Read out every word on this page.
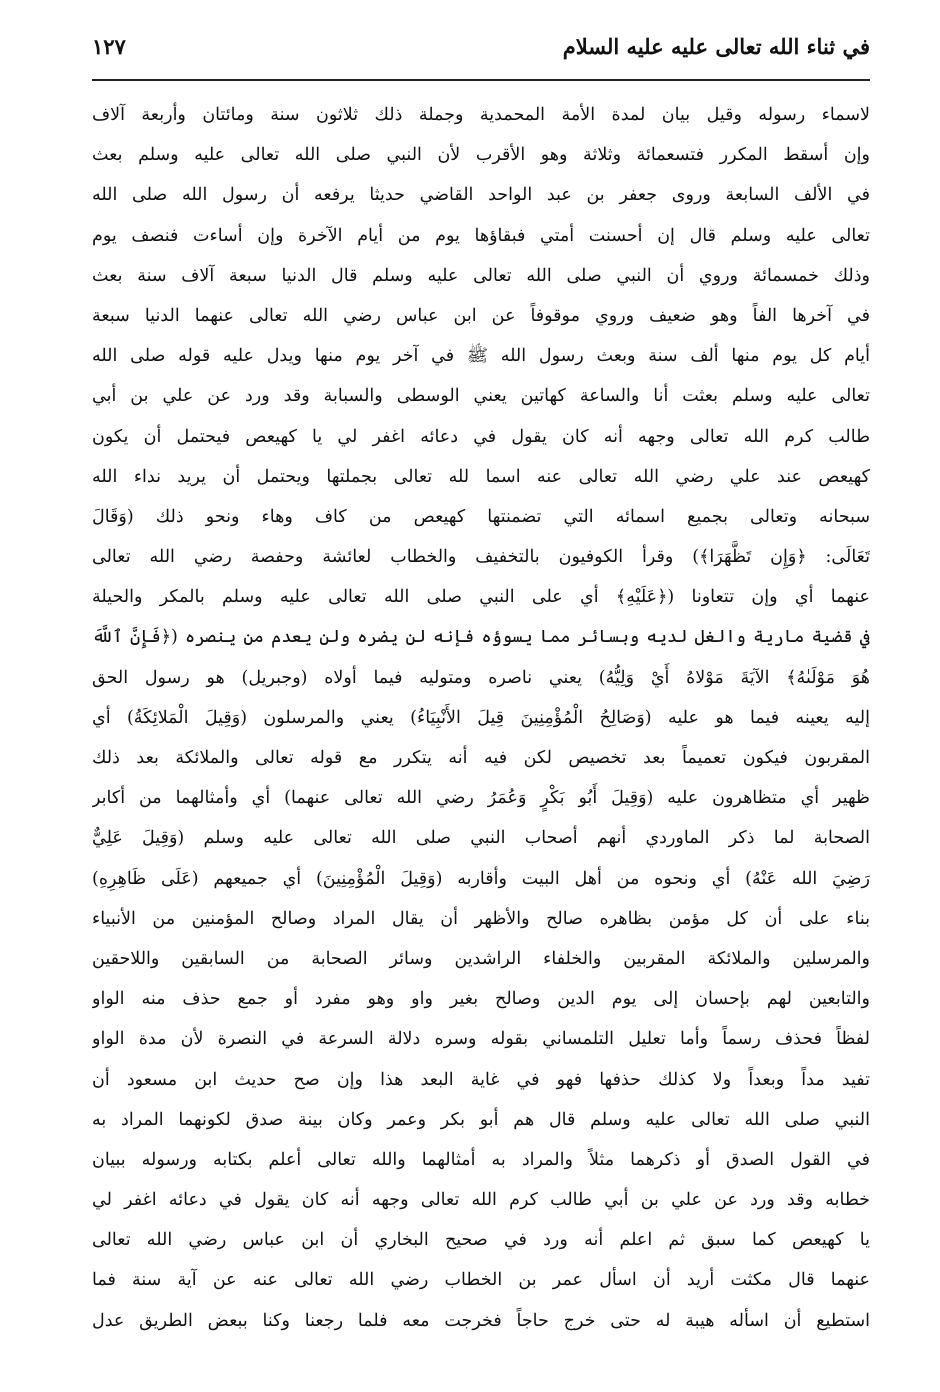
في ثناء الله تعالى عليه عليه السلام
١٢٧
لاسماء رسوله وقيل بيان لمدة الأمة المحمدية وجملة ذلك ثلاثون سنة ومائتان وأربعة آلاف
وإن أسقط المكرر فتسعمائة وثلاثة وهو الأقرب لأن النبي صلى الله تعالى عليه وسلم بعث
في الألف السابعة وروى جعفر بن عبد الواحد القاضي حديثا يرفعه أن رسول الله صلى الله
تعالى عليه وسلم قال إن أحسنت أمتي فبقاؤها يوم من أيام الآخرة وإن أساءت فنصف يوم
وذلك خمسمائة وروي أن النبي صلى الله تعالى عليه وسلم قال الدنيا سبعة آلاف سنة بعث
في آخرها الفاً وهو ضعيف وروي موقوفاً عن ابن عباس رضي الله تعالى عنهما الدنيا سبعة
أيام كل يوم منها ألف سنة وبعث رسول الله ﷺ في آخر يوم منها ويدل عليه قوله صلى الله
تعالى عليه وسلم بعثت أنا والساعة كهاتين يعني الوسطى والسبابة وقد ورد عن علي بن أبي
طالب كرم الله تعالى وجهه أنه كان يقول في دعائه اغفر لي يا كهيعص فيحتمل أن يكون
كهيعص عند علي رضي الله تعالى عنه اسما لله تعالى بجملتها ويحتمل أن يريد نداء الله
سبحانه وتعالى بجميع اسمائه التي تضمنتها كهيعص من كاف وهاء ونحو ذلك (وَقَالَ
تَعَالَى: ﴿وَإِن تَظَّهَرَا﴾) وقرأ الكوفيون بالتخفيف والخطاب لعائشة وحفصة رضي الله تعالى
عنهما أي وإن تتعاونا (﴿عَلَيْهِ﴾ أي على النبي صلى الله تعالى عليه وسلم بالمكر والحيلة
في قضية مارية والغل لديه وبسائر مما يسوؤه فإنه لن يضره ولن يعدم من ينصره (﴿فَإِنَّ ٱللَّهَ
هُوَ مَوْلَىٰهُ﴾ الآيَةَ مَوْلاهُ أَيْ وَلِيُّهُ) يعني ناصره ومتوليه فيما أولاه (وجبريل) هو رسول الحق
إليه يعينه فيما هو عليه (وَصَالِحُ الْمُؤْمِنِينَ قِيلَ الأَنْبِيَاءُ) يعني والمرسلون (وَقِيلَ الْمَلائِكَةُ) أي
المقربون فيكون تعميماً بعد تخصيص لكن فيه أنه يتكرر مع قوله تعالى والملائكة بعد ذلك
ظهير أي متظاهرون عليه (وَقِيلَ أَبُو بَكْرٍ وَعُمَرُ رضي الله تعالى عنهما) أي وأمثالهما من أكابر
الصحابة لما ذكر الماوردي أنهم أصحاب النبي صلى الله تعالى عليه وسلم (وَقِيلَ عَلِيٌّ
رَضِيَ الله عَنْهُ) أي ونحوه من أهل البيت وأقاربه (وَقِيلَ الْمُؤْمِنِينَ) أي جميعهم (عَلَى ظَاهِرِهِ)
بناء على أن كل مؤمن بظاهره صالح والأظهر أن يقال المراد وصالح المؤمنين من الأنبياء
والمرسلين والملائكة المقربين والخلفاء الراشدين وسائر الصحابة من السابقين واللاحقين
والتابعين لهم بإحسان إلى يوم الدين وصالح بغير واو وهو مفرد أو جمع حذف منه الواو
لفظاً فحذف رسماً وأما تعليل التلمساني بقوله وسره دلالة السرعة في النصرة لأن مدة الواو
تفيد مداً وبعداً ولا كذلك حذفها فهو في غاية البعد هذا وإن صح حديث ابن مسعود أن
النبي صلى الله تعالى عليه وسلم قال هم أبو بكر وعمر وكان بينة صدق لكونهما المراد به
في القول الصدق أو ذكرهما مثلاً والمراد به أمثالهما والله تعالى أعلم بكتابه ورسوله ببيان
خطابه وقد ورد عن علي بن أبي طالب كرم الله تعالى وجهه أنه كان يقول في دعائه اغفر لي
يا كهيعص كما سبق ثم اعلم أنه ورد في صحيح البخاري أن ابن عباس رضي الله تعالى
عنهما قال مكثت أريد أن اسأل عمر بن الخطاب رضي الله تعالى عنه عن آية سنة فما
استطيع أن اسأله هيبة له حتى خرج حاجاً فخرجت معه فلما رجعنا وكنا ببعض الطريق عدل
